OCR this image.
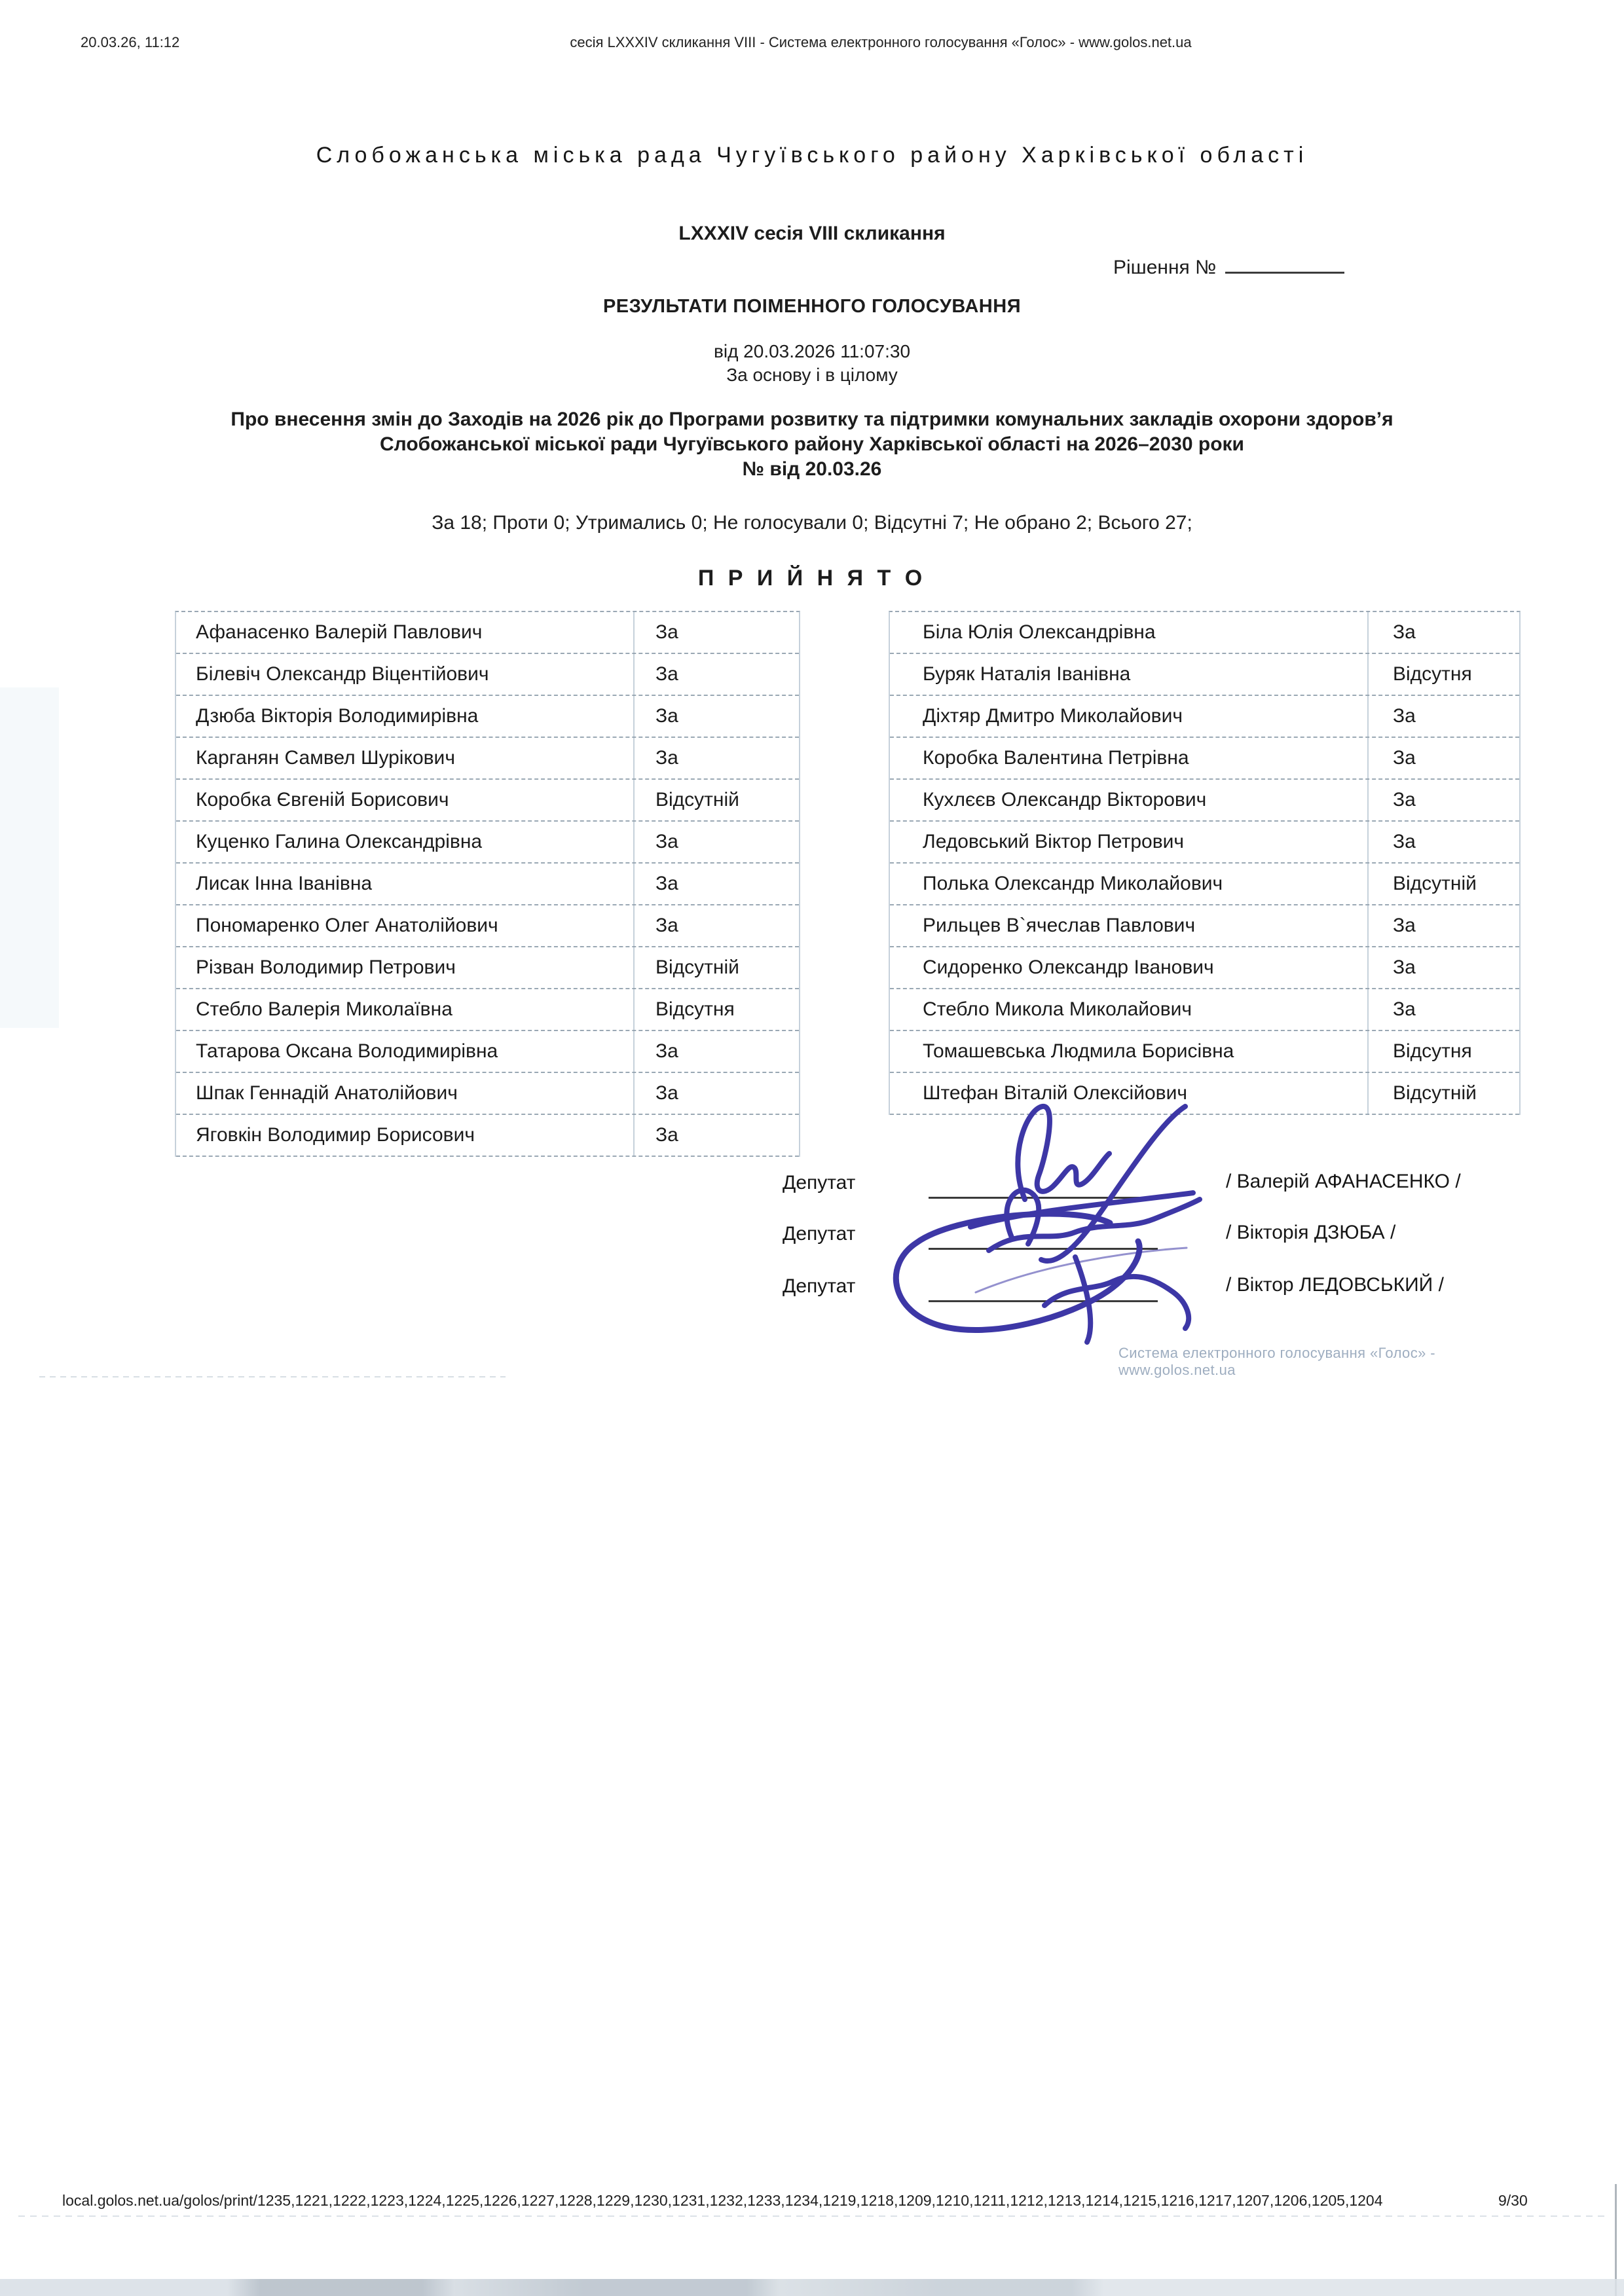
20.03.26, 11:12	сесія LXXXIV скликання VIII - Система електронного голосування «Голос» - www.golos.net.ua
Слобожанська міська рада Чугуївського району Харківської області
LXXXIV сесія VIII скликання
Рішення №
РЕЗУЛЬТАТИ ПОІМЕННОГО ГОЛОСУВАННЯ
від 20.03.2026 11:07:30
За основу і в цілому
Про внесення змін до Заходів на 2026 рік до Програми розвитку та підтримки комунальних закладів охорони здоров’я
Слобожанської міської ради Чугуївського району Харківської області на 2026–2030 роки
№ від 20.03.26
За 18; Проти 0; Утримались 0; Не голосували 0; Відсутні 7; Не обрано 2; Всього 27;
П Р И Й Н Я Т О
Афанасенко Валерій Павлович	За
Білевіч Олександр Віцентійович	За
Дзюба Вікторія Володимирівна	За
Карганян Самвел Шурікович	За
Коробка Євгеній Борисович	Відсутній
Куценко Галина Олександрівна	За
Лисак Інна Іванівна	За
Пономаренко Олег Анатолійович	За
Різван Володимир Петрович	Відсутній
Стебло Валерія Миколаївна	Відсутня
Татарова Оксана Володимирівна	За
Шпак Геннадій Анатолійович	За
Яговкін Володимир Борисович	За
Біла Юлія Олександрівна	За
Буряк Наталія Іванівна	Відсутня
Діхтяр Дмитро Миколайович	За
Коробка Валентина Петрівна	За
Кухлєєв Олександр Вікторович	За
Ледовський Віктор Петрович	За
Полька Олександр Миколайович	Відсутній
Рильцев В`ячеслав Павлович	За
Сидоренко Олександр Іванович	За
Стебло Микола Миколайович	За
Томашевська Людмила Борисівна	Відсутня
Штефан Віталій Олексійович	Відсутній
Депутат	/ Валерій АФАНАСЕНКО /
Депутат	/ Вікторія ДЗЮБА /
Депутат	/ Віктор ЛЕДОВСЬКИЙ /
Система електронного голосування «Голос» - www.golos.net.ua
local.golos.net.ua/golos/print/1235,1221,1222,1223,1224,1225,1226,1227,1228,1229,1230,1231,1232,1233,1234,1219,1218,1209,1210,1211,1212,1213,1214,1215,1216,1217,1207,1206,1205,1204	9/30
